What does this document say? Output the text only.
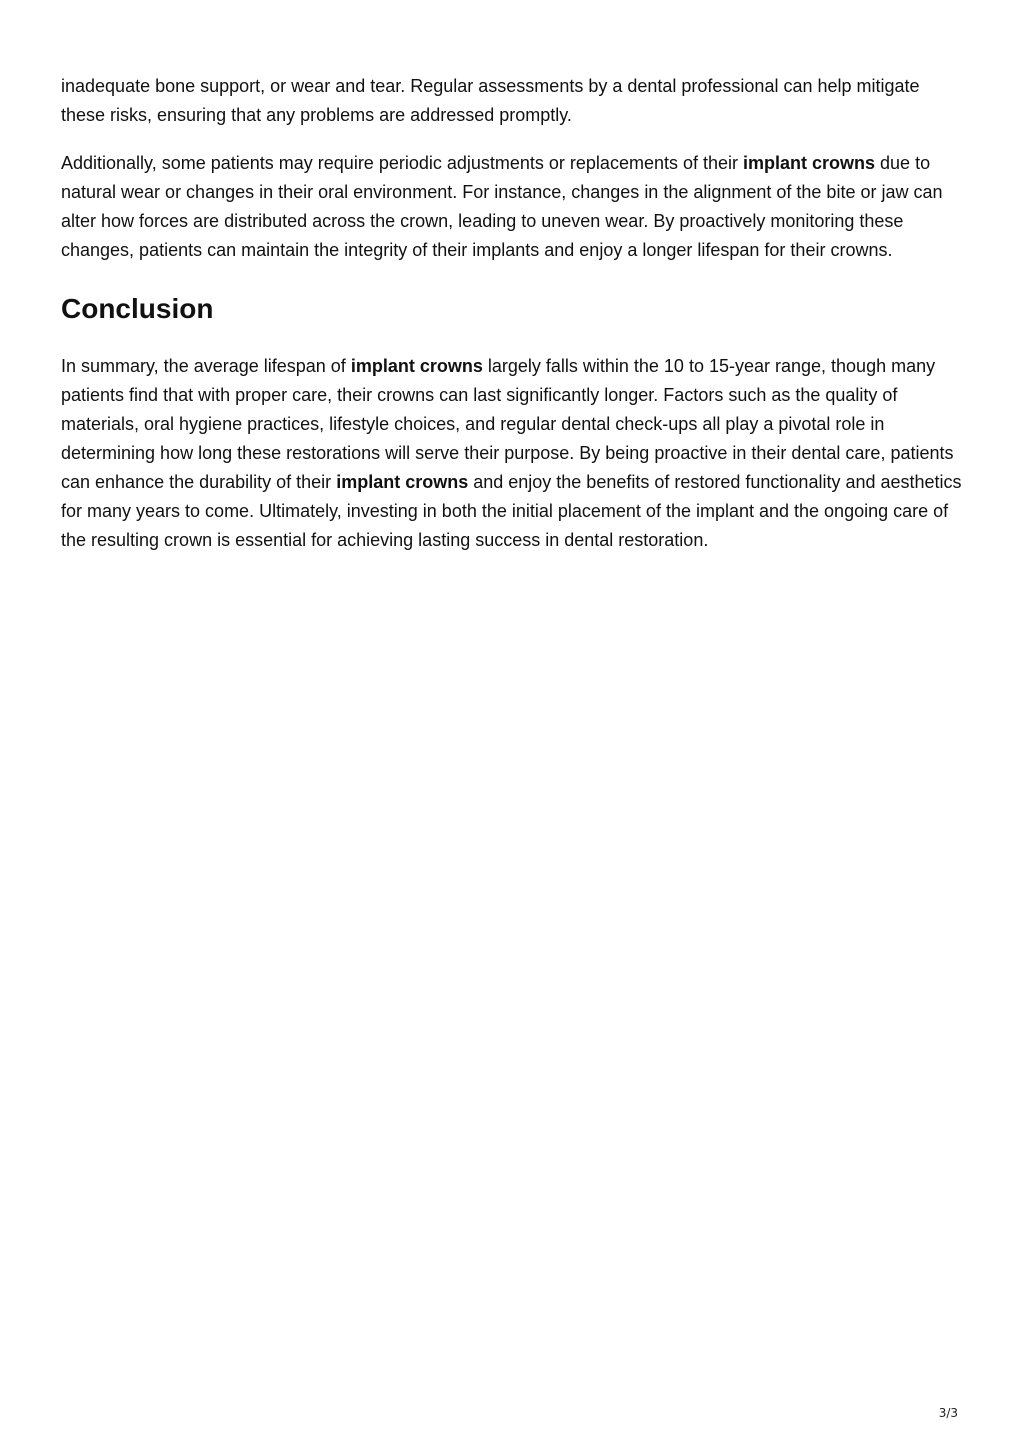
inadequate bone support, or wear and tear. Regular assessments by a dental professional can help mitigate these risks, ensuring that any problems are addressed promptly.

Additionally, some patients may require periodic adjustments or replacements of their implant crowns due to natural wear or changes in their oral environment. For instance, changes in the alignment of the bite or jaw can alter how forces are distributed across the crown, leading to uneven wear. By proactively monitoring these changes, patients can maintain the integrity of their implants and enjoy a longer lifespan for their crowns.

Conclusion

In summary, the average lifespan of implant crowns largely falls within the 10 to 15-year range, though many patients find that with proper care, their crowns can last significantly longer. Factors such as the quality of materials, oral hygiene practices, lifestyle choices, and regular dental check-ups all play a pivotal role in determining how long these restorations will serve their purpose. By being proactive in their dental care, patients can enhance the durability of their implant crowns and enjoy the benefits of restored functionality and aesthetics for many years to come. Ultimately, investing in both the initial placement of the implant and the ongoing care of the resulting crown is essential for achieving lasting success in dental restoration.

3/3
